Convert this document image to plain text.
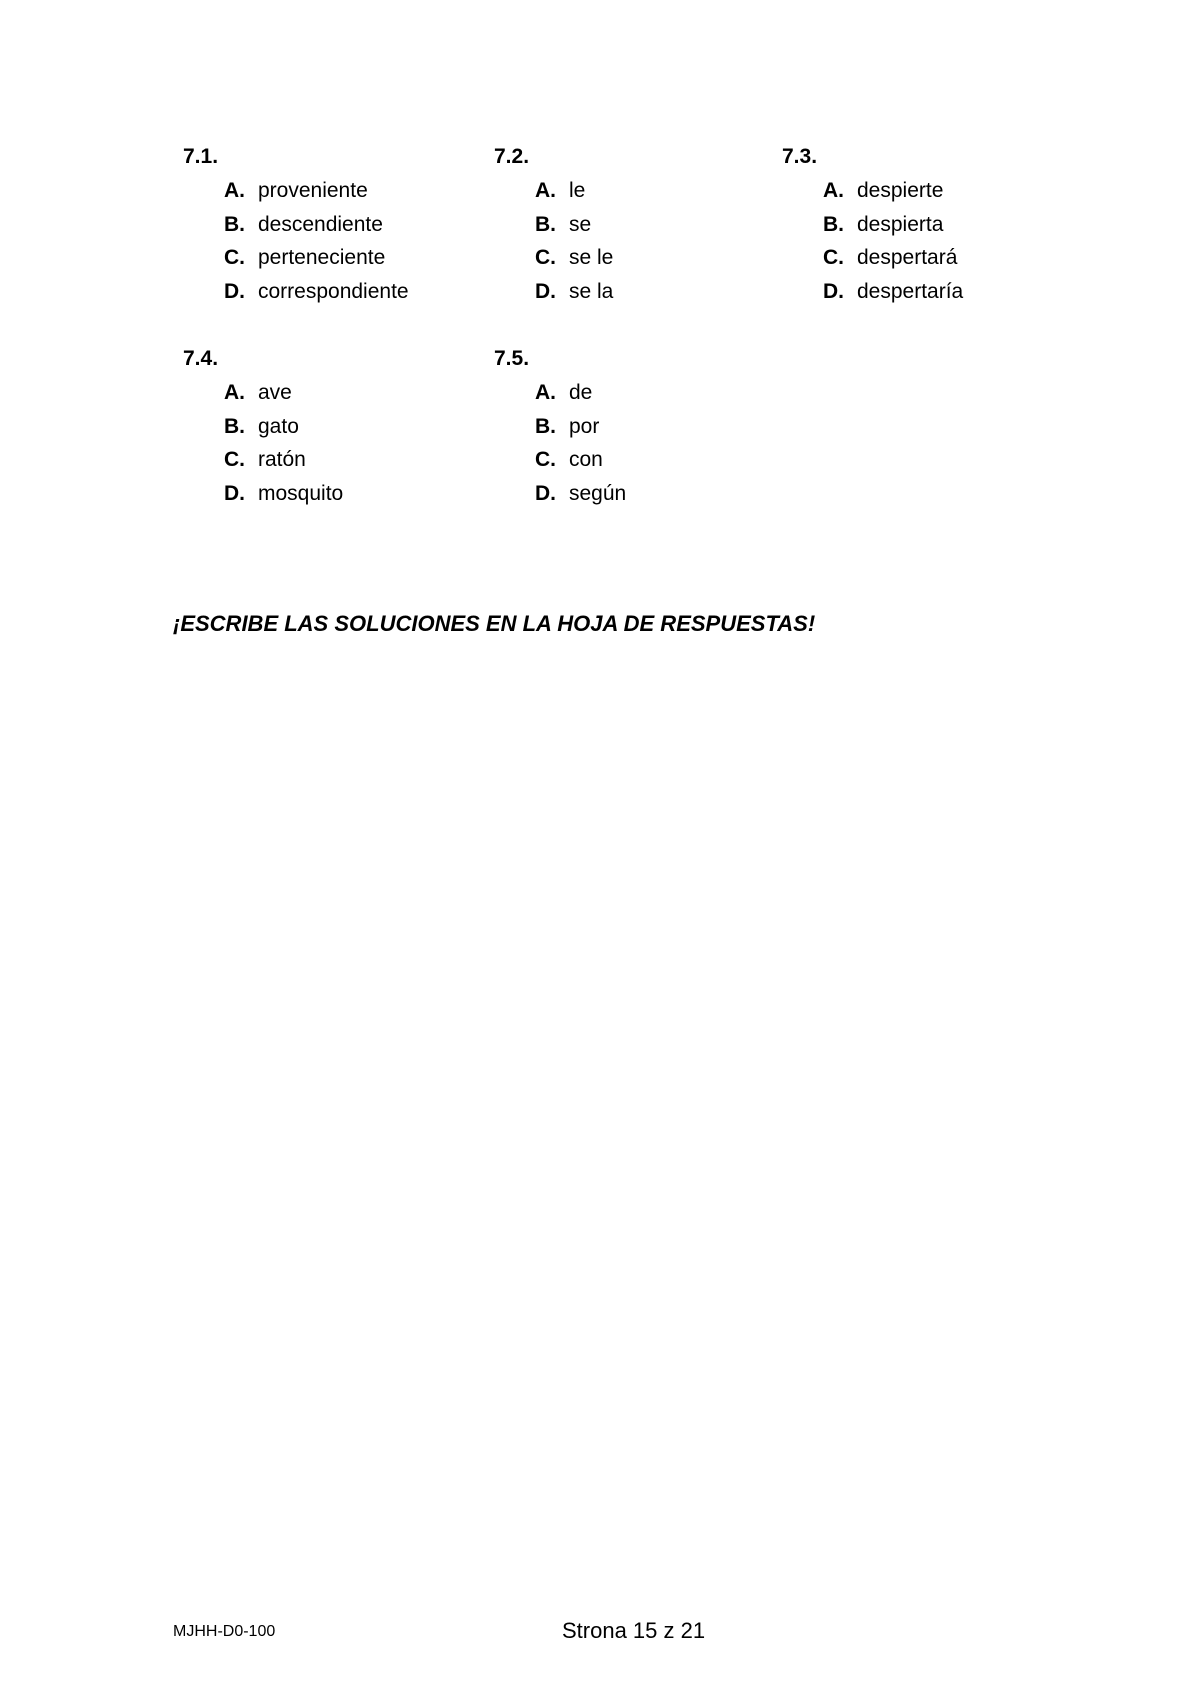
7.1.
A. proveniente
B. descendiente
C. perteneciente
D. correspondiente
7.2.
A. le
B. se
C. se le
D. se la
7.3.
A. despierte
B. despierta
C. despertará
D. despertaría
7.4.
A. ave
B. gato
C. ratón
D. mosquito
7.5.
A. de
B. por
C. con
D. según
¡ESCRIBE LAS SOLUCIONES EN LA HOJA DE RESPUESTAS!
MJHH-D0-100	Strona 15 z 21
